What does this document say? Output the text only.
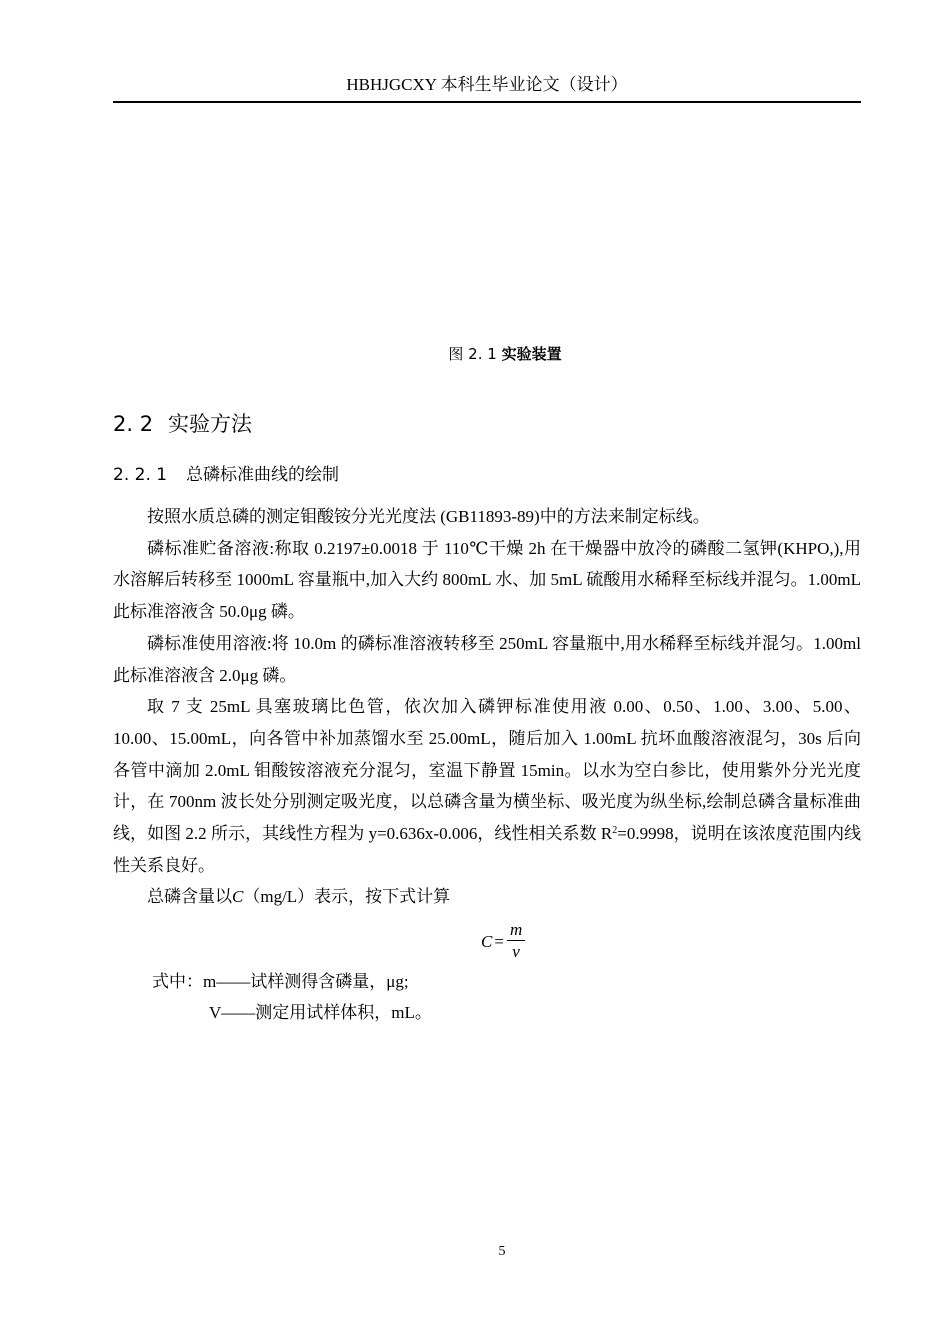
HBHJGCXY 本科生毕业论文（设计）
图 2. 1 实验装置
2. 2 实验方法
2. 2. 1 总磷标准曲线的绘制

按照水质总磷的测定钼酸铵分光光度法 (GB11893-89)中的方法来制定标线。

磷标准贮备溶液:称取 0.2197±0.0018 于 110℃干燥 2h 在干燥器中放冷的磷酸二氢钾(KHPO,),用水溶解后转移至 1000mL 容量瓶中,加入大约 800mL 水、加 5mL 硫酸用水稀释至标线并混匀。1.00mL 此标准溶液含 50.0μg 磷。

磷标准使用溶液:将 10.0m 的磷标准溶液转移至 250mL 容量瓶中,用水稀释至标线并混匀。1.00ml 此标准溶液含 2.0μg 磷。

取 7 支 25mL 具塞玻璃比色管，依次加入磷钾标准使用液 0.00、0.50、1.00、3.00、5.00、10.00、15.00mL，向各管中补加蒸馏水至 25.00mL，随后加入 1.00mL 抗坏血酸溶液混匀，30s 后向各管中滴加 2.0mL 钼酸铵溶液充分混匀，室温下静置 15min。以水为空白参比，使用紫外分光光度计，在 700nm 波长处分别测定吸光度，以总磷含量为横坐标、吸光度为纵坐标,绘制总磷含量标准曲线，如图 2.2 所示，其线性方程为 y=0.636x-0.006，线性相关系数 $R^2=0.9998$，说明在该浓度范围内线性关系良好。

总磷含量以C（mg/L）表示，按下式计算

$C = \frac{m}{v}$
式中：m——试样测得含磷量，μg;
V——测定用试样体积，mL。
5
